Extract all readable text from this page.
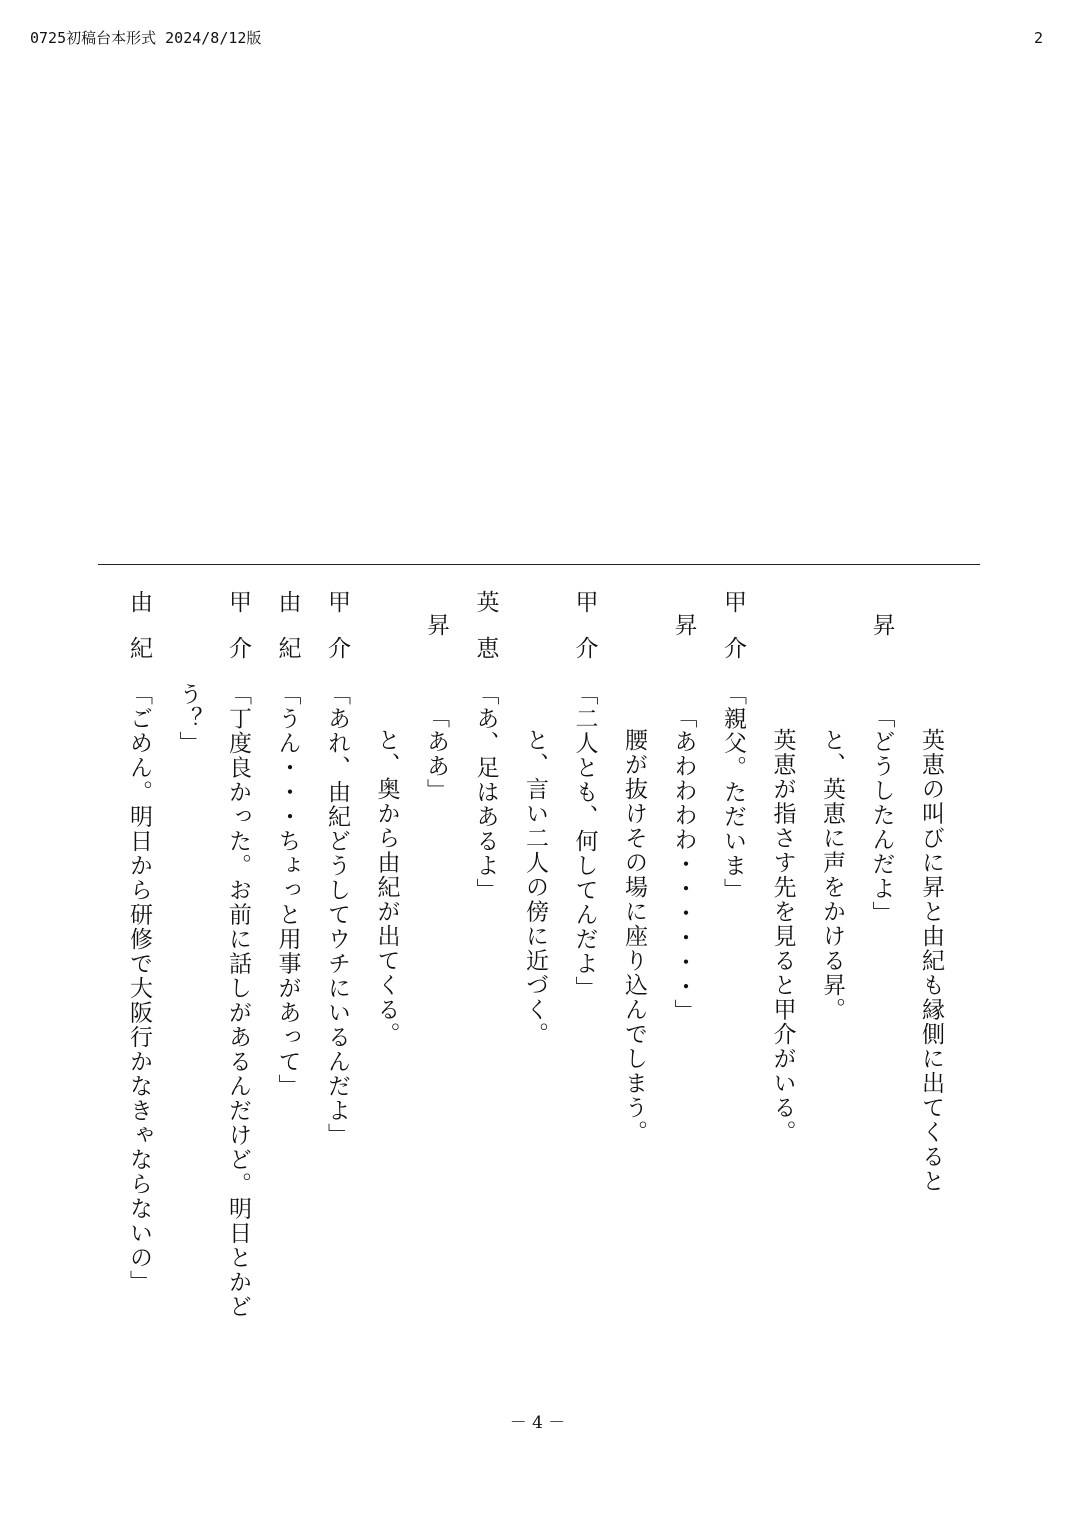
0725初稿台本形式 2024/8/12版	2
英恵の叫びに昇と由紀も縁側に出てくると
昇「どうしたんだよ」
と、英恵に声をかける昇。
英恵が指さす先を見ると甲介がいる。
甲介「親父。ただいま」
昇「あわわわわ・・・・・・」
腰が抜けその場に座り込んでしまう。
甲介「二人とも、何してんだよ」
と、言い二人の傍に近づく。
英恵「あ、足はあるよ」
昇「ああ」
と、奥から由紀が出てくる。
甲介「あれ、由紀どうしてウチにいるんだよ」
由紀「うん・・・ちょっと用事があって」
甲介「丁度良かった。お前に話しがあるんだけど。明日とかど
う？」
由紀「ごめん。明日から研修で大阪行かなきゃならないの」
－ 4 －
